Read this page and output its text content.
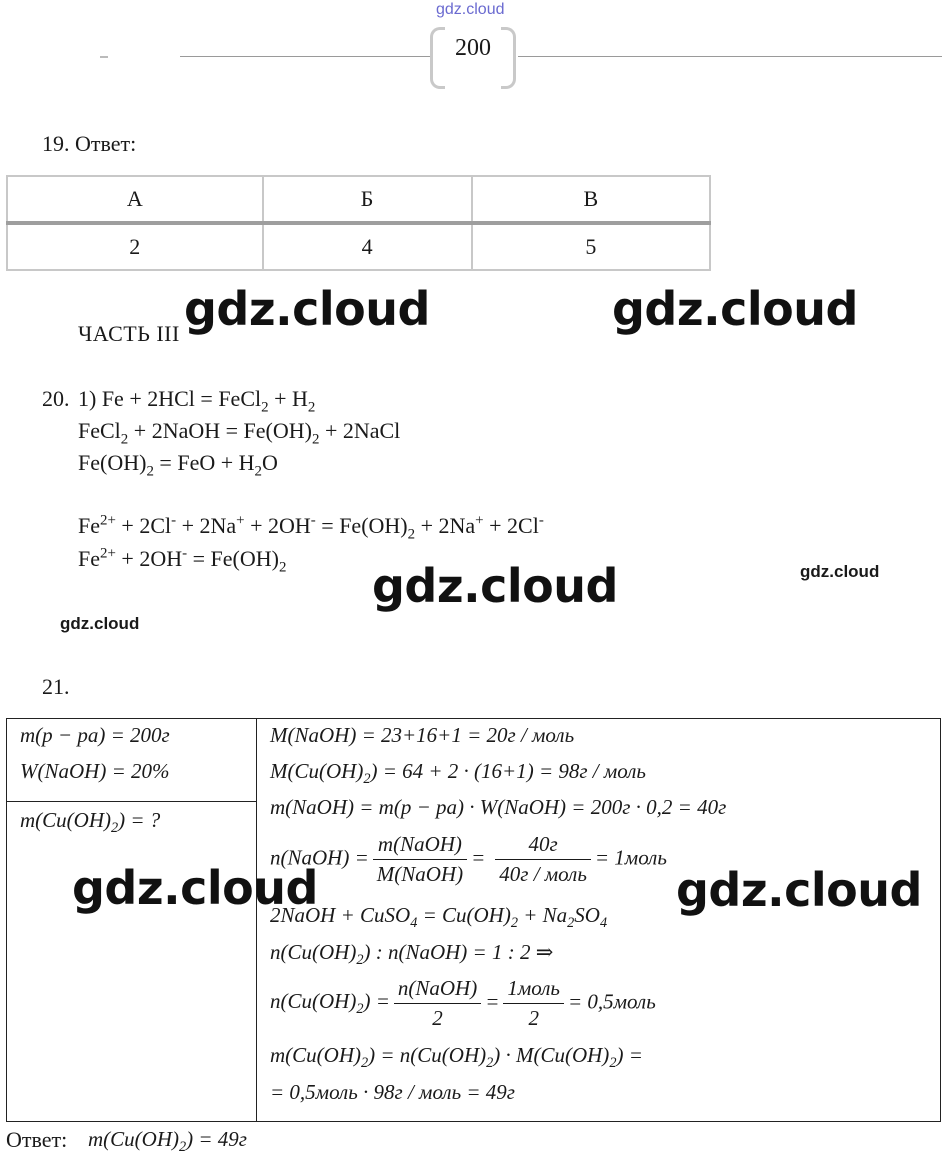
gdz.cloud
200
19. Ответ:
А	Б	В
2	4	5
ЧАСТЬ III
20. 1) Fe + 2HCl = FeCl$_2$ + $H_2$
FeCl$_2$ + 2NaOH = $Fe(OH)_2$ + 2NaCl
$Fe(OH)_2$ = FeO + $H_2O$
$Fe^{2+} + 2Cl^- + 2Na^+ + 2OH^- = Fe(OH)_2 + 2Na^+ + 2Cl^-$
$Fe^{2+} + 2OH^- = Fe(OH)_2$
21.
m(p − pa) = 200г
W(NaOH) = 20%
$m(Cu(OH)_2)$ = ?
M(NaOH) = 23+16+1 = 20г / моль
$M(Cu(OH)_2) = 64 + 2 \cdot (16+1) = 98г$ / моль
m(NaOH) = m(p − pa) · W(NaOH) = 200г · 0,2 = 40г
n(NaOH) = $\frac{\text{m(NaOH)}}{\text{M(NaOH)}} = \frac{40г}{\text{40г / моль}}$ = 1моль
2NaOH + CuSO$_4$ = $Cu(OH)_2 + Na_2SO_4$
$n(Cu(OH)_2)$ : n(NaOH) = 1 : 2 ⇒
$n(Cu(OH)_2) = \frac{\text{n(NaOH)}}{2} = \frac{\text{1моль}}{2}$ = 0,5моль
$m(Cu(OH)_2) = n(Cu(OH)_2) \cdot M(Cu(OH)_2)$ =
= 0,5моль · 98г / моль = 49г
Ответ: $m(Cu(OH)_2) = 49г$
gdz.cloud	gdz.cloud
gdz.cloud	gdz.cloud
gdz.cloud
gdz.cloud	gdz.cloud
